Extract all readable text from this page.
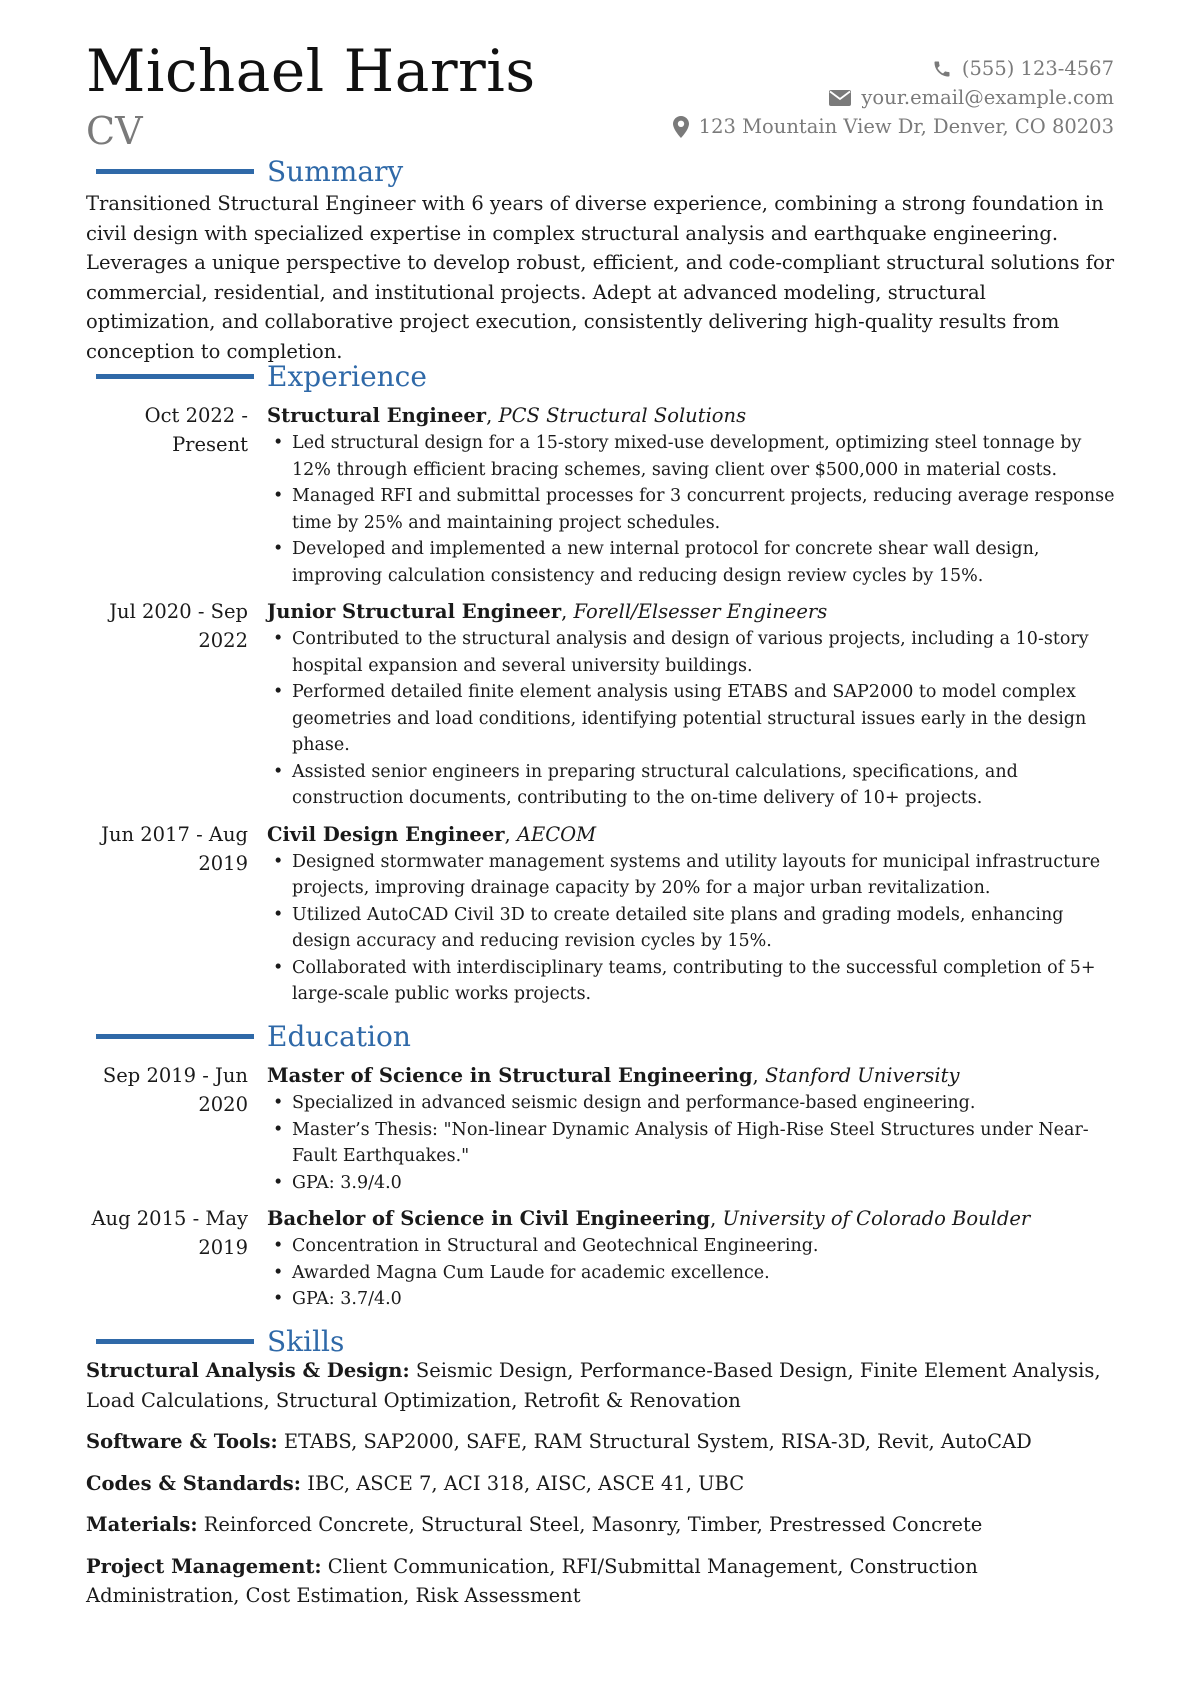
Michael Harris
CV
(555) 123-4567
your.email@example.com
123 Mountain View Dr, Denver, CO 80203
Summary

Transitioned Structural Engineer with 6 years of diverse experience, combining a strong foundation in civil design with specialized expertise in complex structural analysis and earthquake engineering. Leverages a unique perspective to develop robust, efficient, and code-compliant structural solutions for commercial, residential, and institutional projects. Adept at advanced modeling, structural optimization, and collaborative project execution, consistently delivering high-quality results from conception to completion.

Experience
Oct 2022 - Present
Structural Engineer, PCS Structural Solutions
• Led structural design for a 15-story mixed-use development, optimizing steel tonnage by 12% through efficient bracing schemes, saving client over $500,000 in material costs.
• Managed RFI and submittal processes for 3 concurrent projects, reducing average response time by 25% and maintaining project schedules.
• Developed and implemented a new internal protocol for concrete shear wall design, improving calculation consistency and reducing design review cycles by 15%.
Jul 2020 - Sep 2022
Junior Structural Engineer, Forell/Elsesser Engineers
• Contributed to the structural analysis and design of various projects, including a 10-story hospital expansion and several university buildings.
• Performed detailed finite element analysis using ETABS and SAP2000 to model complex geometries and load conditions, identifying potential structural issues early in the design phase.
• Assisted senior engineers in preparing structural calculations, specifications, and construction documents, contributing to the on-time delivery of 10+ projects.
Jun 2017 - Aug 2019
Civil Design Engineer, AECOM
• Designed stormwater management systems and utility layouts for municipal infrastructure projects, improving drainage capacity by 20% for a major urban revitalization.
• Utilized AutoCAD Civil 3D to create detailed site plans and grading models, enhancing design accuracy and reducing revision cycles by 15%.
• Collaborated with interdisciplinary teams, contributing to the successful completion of 5+ large-scale public works projects.
Education
Sep 2019 - Jun 2020
Master of Science in Structural Engineering, Stanford University
• Specialized in advanced seismic design and performance-based engineering.
• Master’s Thesis: "Non-linear Dynamic Analysis of High-Rise Steel Structures under Near-Fault Earthquakes."
• GPA: 3.9/4.0
Aug 2015 - May 2019
Bachelor of Science in Civil Engineering, University of Colorado Boulder
• Concentration in Structural and Geotechnical Engineering.
• Awarded Magna Cum Laude for academic excellence.
• GPA: 3.7/4.0
Skills

Structural Analysis & Design: Seismic Design, Performance-Based Design, Finite Element Analysis, Load Calculations, Structural Optimization, Retrofit & Renovation

Software & Tools: ETABS, SAP2000, SAFE, RAM Structural System, RISA-3D, Revit, AutoCAD

Codes & Standards: IBC, ASCE 7, ACI 318, AISC, ASCE 41, UBC

Materials: Reinforced Concrete, Structural Steel, Masonry, Timber, Prestressed Concrete

Project Management: Client Communication, RFI/Submittal Management, Construction Administration, Cost Estimation, Risk Assessment
